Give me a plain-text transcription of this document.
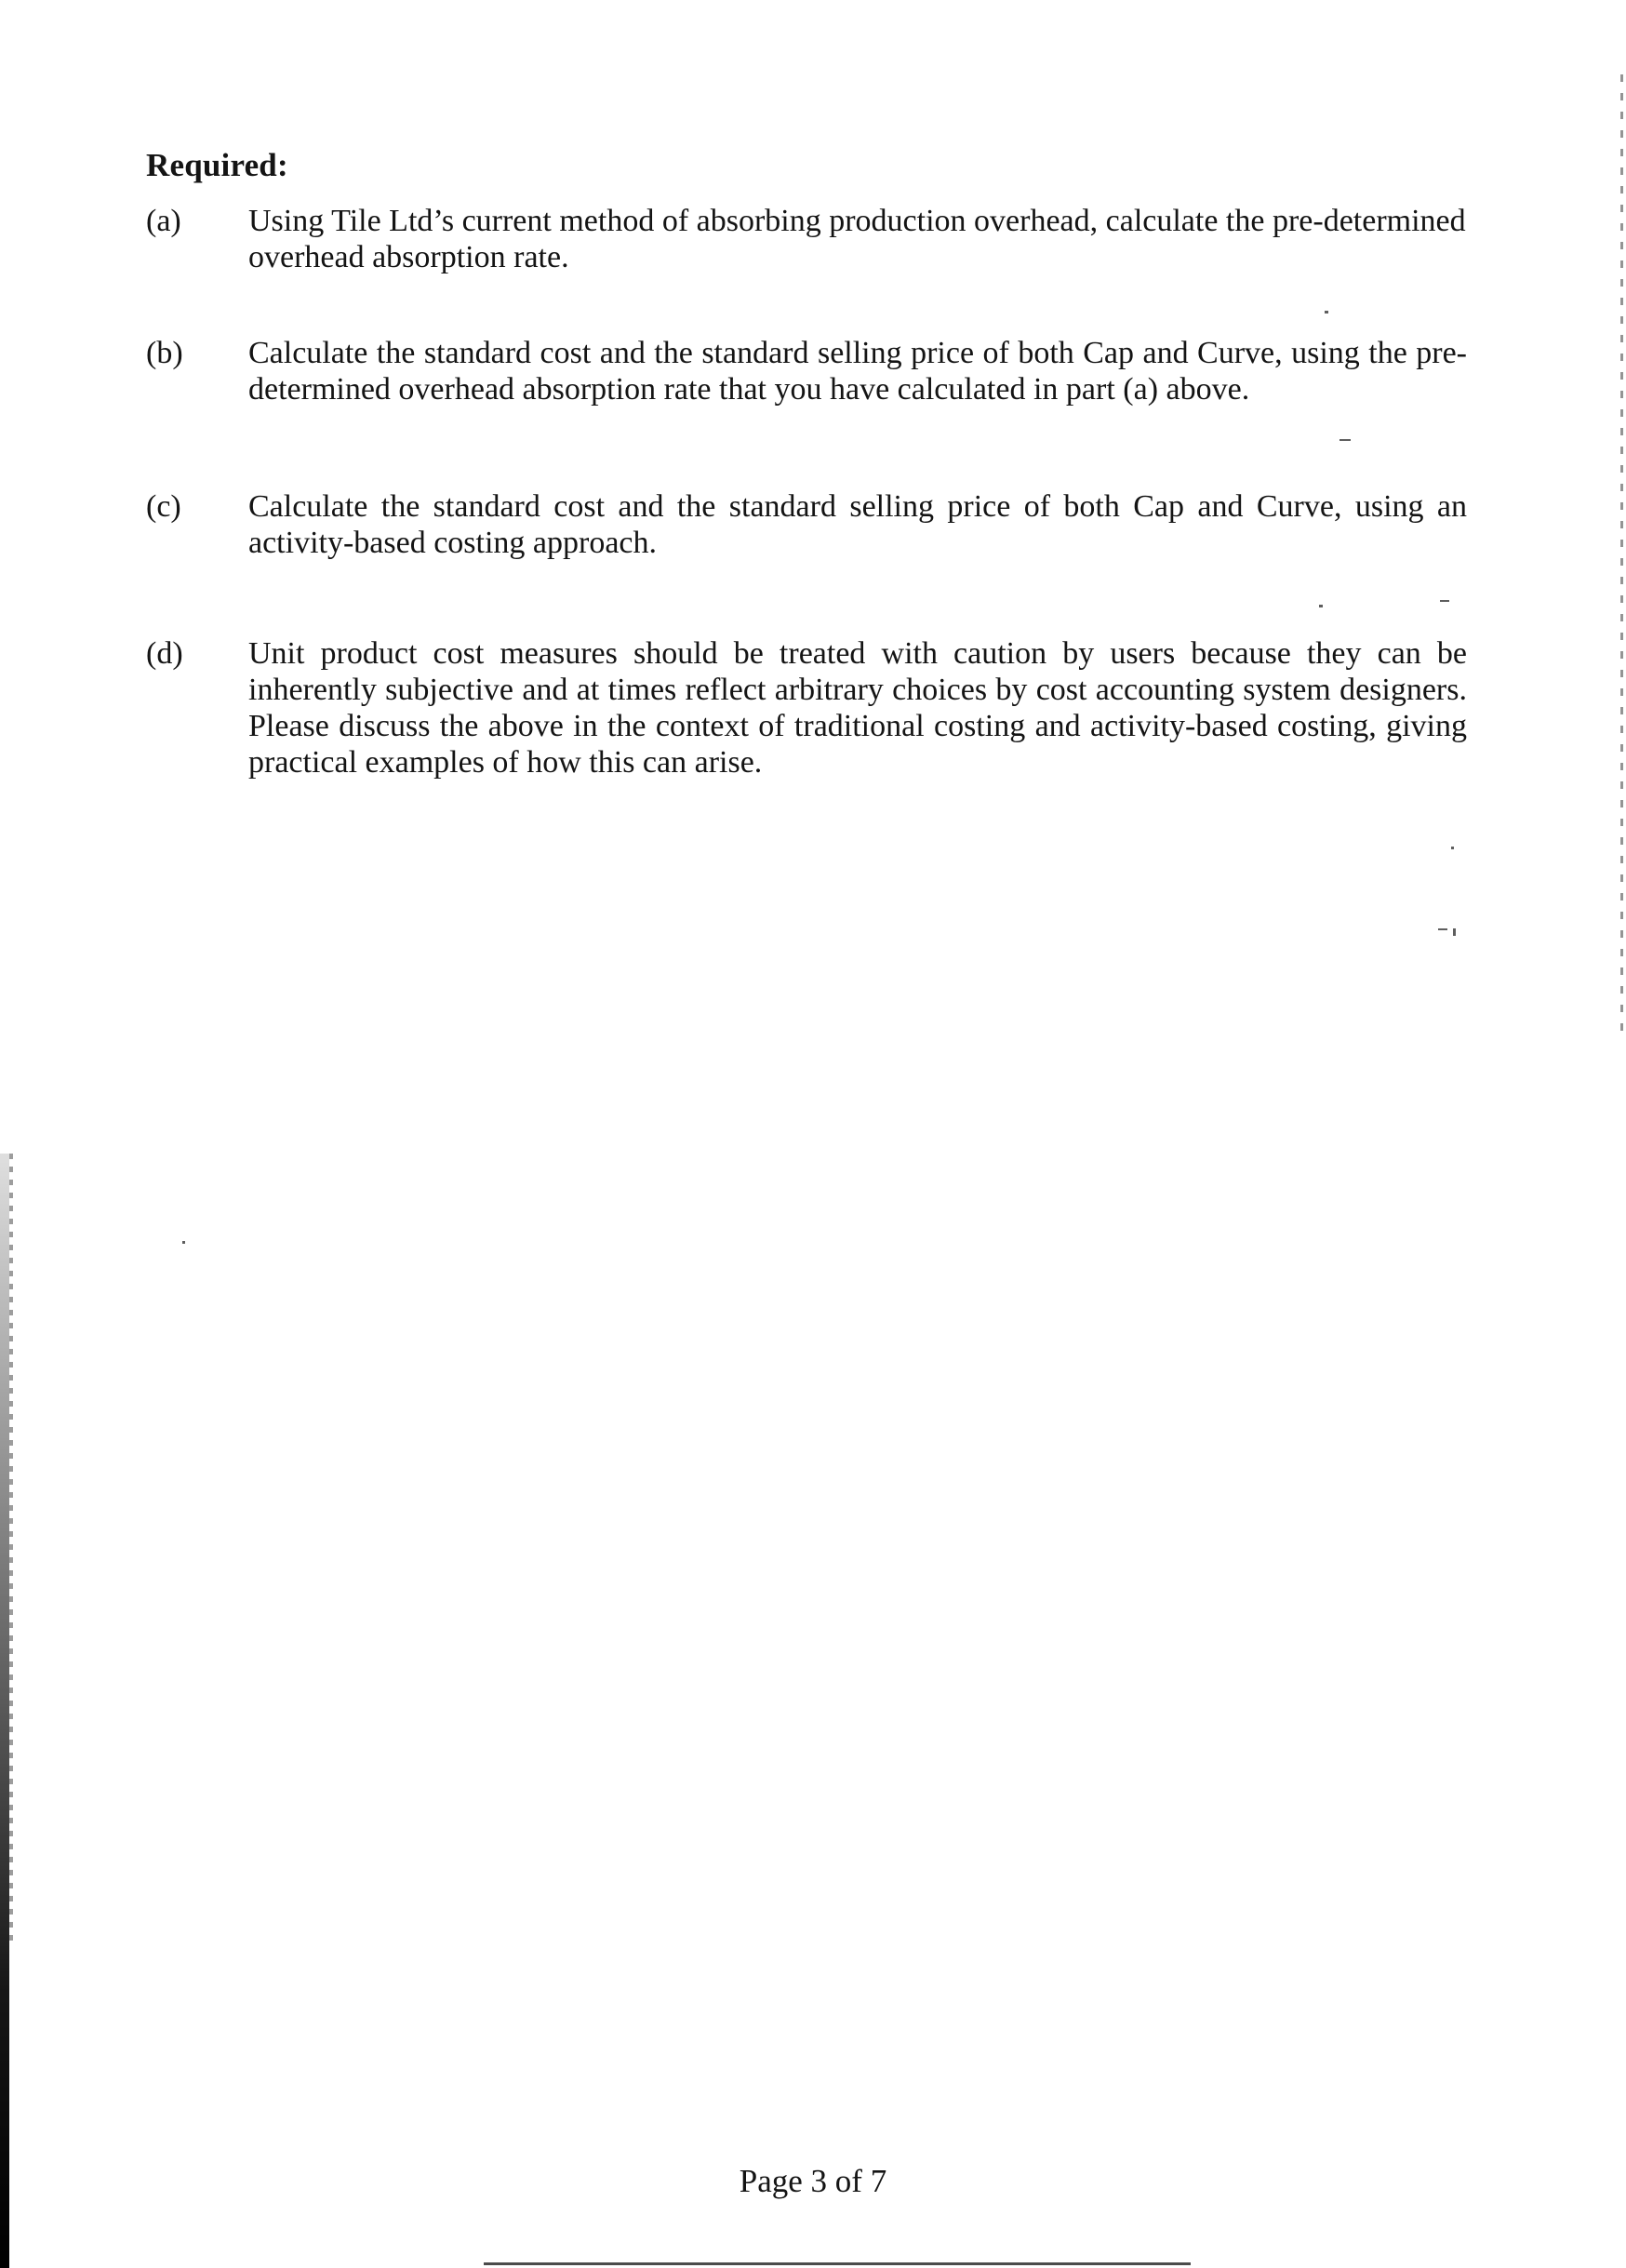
Required:
(a)	Using Tile Ltd’s current method of absorbing production overhead, calculate the pre-determined overhead absorption rate.
(b)	Calculate the standard cost and the standard selling price of both Cap and Curve, using the pre-determined overhead absorption rate that you have calculated in part (a) above.
(c)	Calculate the standard cost and the standard selling price of both Cap and Curve, using an activity-based costing approach.
(d)	Unit product cost measures should be treated with caution by users because they can be inherently subjective and at times reflect arbitrary choices by cost accounting system designers. Please discuss the above in the context of traditional costing and activity-based costing, giving practical examples of how this can arise.
Page 3 of 7
